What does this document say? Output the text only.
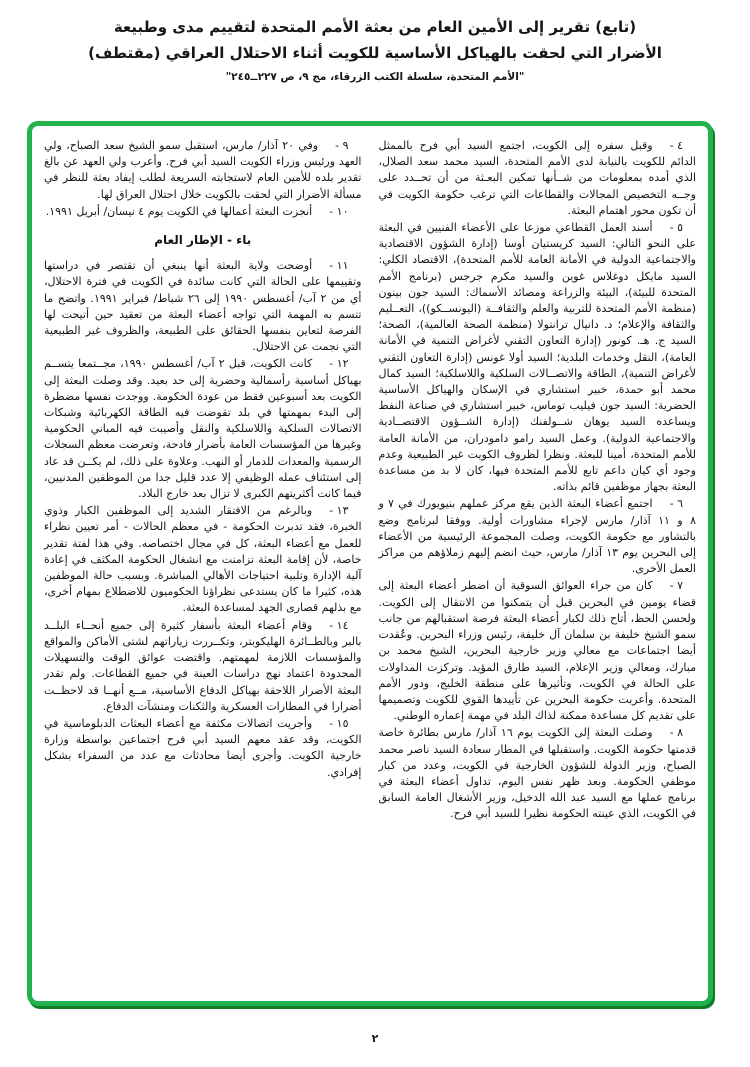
(تابع) تقرير إلى الأمين العام من بعثة الأمم المتحدة لتقييم مدى وطبيعة
الأضرار التي لحقت بالهياكل الأساسية للكويت أثناء الاحتلال العراقي (مقتطف)
"الأمم المتحدة، سلسلة الكتب الزرقاء، مج ٩، ص ٢٢٧ــ٢٤٥"

٤ -وقبل سفره إلى الكويت، اجتمع السيد أبي فرح بالممثل الدائم للكويت بالنيابة لدى الأمم المتحدة، السيد محمد سعد الصلال، الذي أمده بمعلومات من شــأنها تمكين البعـثة من أن تحــدد على وجــه التخصيص المجالات والقطاعات التي ترغب حكومة الكويت في أن تكون محور اهتمام البعثة.

٥ -أسند العمل القطاعي موزعا على الأعضاء الفنيين في البعثة على النحو التالي: السيد كريستيان أوسا (إدارة الشؤون الاقتصادية والاجتماعية الدولية في الأمانة العامة للأمم المتحدة)، الاقتصاد الكلي: السيد مايكل دوغلاس غوين والسيد مكرم جرجس (برنامج الأمم المتحدة للبيئة)، البيئة والزراعة ومصائد الأسماك: السيد جون بينون (منظمة الأمم المتحدة للتربية والعلم والثقافــة (اليونســكو))، التعــليم والثقافة والإعلام؛ د. دانيال ترانتولا (منظمة الصحة العالمية)، الصحة؛ السيد ج. هـ. كونور (إدارة التعاون التقني لأغراض التنمية في الأمانة العامة)، النقل وخدمات البلدية؛ السيد أولا غونس (إدارة التعاون التقني لأغراض التنمية)، الطاقة والاتصــالات السلكية واللاسلكية؛ السيد كمال محمد أبو حمدة، خبير استشاري في الإسكان والهياكل الأساسية الحضرية: السيد جون فيليب توماس، خبير استشاري في صناعة النفط ويساعده السيد يوهان شــولفنك (إدارة الشــؤون الاقتصــادية والاجتماعية الدولية). وعمل السيد رامو دامودران، من الأمانة العامة للأمم المتحدة، أمينا للبعثة. ونظرا لظروف الكويت غير الطبيعية وعدم وجود أي كيان داعم تابع للأمم المتحدة فيها، كان لا بد من مساعدة البعثة بجهاز موظفين قائم بذاته.

٦ -اجتمع أعضاء البعثة الذين يقع مركز عملهم بنيويورك في ٧ و ٨ و ١١ آذار/ مارس لإجراء مشاورات أولية. ووفقا لبرنامج وضع بالتشاور مع حكومة الكويت، وصلت المجموعة الرئيسية من الأعضاء إلى البحرين يوم ١٣ آذار/ مارس، حيث انضم إليهم زملاؤهم من مراكز العمل الأخرى.

٧ -كان من جراء العوائق السوقية أن اضطر أعضاء البعثة إلى قضاء يومين في البحرين قبل أن يتمكنوا من الانتقال إلى الكويت. ولحسن الحظ، أتاح ذلك لكبار أعضاء البعثة فرصة استقبالهم من جانب سمو الشيخ خليفة بن سلمان آل خليفة، رئيس وزراء البحرين. وعُقدت أيضا اجتماعات مع معالي وزير خارجية البحرين، الشيخ محمد بن مبارك، ومعالي وزير الإعلام، السيد طارق المؤيد. وتركزت المداولات على الحالة في الكويت، وتأثيرها على منطقة الخليج، ودور الأمم المتحدة. وأعربت حكومة البحرين عن تأييدها القوي للكويت وتصميمها على تقديم كل مساعدة ممكنة لذاك البلد في مهمة إعماره الوطني.

٨ -وصلت البعثة إلى الكويت يوم ١٦ آذار/ مارس بطائرة خاصة قدمتها حكومة الكويت. واستقبلها في المطار سعادة السيد ناصر محمد الصباح، وزير الدولة للشؤون الخارجية في الكويت، وعدد من كبار موظفي الحكومة. وبعد ظهر نفس اليوم، تداول أعضاء البعثة في برنامج عملها مع السيد عبد الله الدخيل، وزير الأشغال العامة السابق في الكويت، الذي عينته الحكومة نظيرا للسيد أبي فرح.

٩ -وفي ٢٠ آذار/ مارس، استقبل سمو الشيخ سعد الصباح، ولي العهد ورئيس وزراء الكويت السيد أبي فرح. وأعرب ولي العهد عن بالغ تقدير بلده للأمين العام لاستجابته السريعة لطلب إيفاد بعثة للنظر في مسألة الأضرار التي لحقت بالكويت خلال احتلال العراق لها.

١٠ -أنجزت البعثة أعمالها في الكويت يوم ٤ نيسان/ أبريل ١٩٩١.

باء - الإطار العام

١١ -أوضحت ولاية البعثة أنها ينبغي أن تقتصر في دراستها وتقييمها على الحالة التي كانت سائدة في الكويت في فترة الاحتلال، أي من ٢ آب/ أغسطس ١٩٩٠ إلى ٢٦ شباط/ فبراير ١٩٩١. واتضح ما تتسم به المهمة التي تواجه أعضاء البعثة من تعقيد حين أتيحت لها الفرصة لتعاين بنفسها الحقائق على الطبيعة، والظروف غير الطبيعية التي نجمت عن الاحتلال.

١٢ -كانت الكويت، قبل ٢ آب/ أغسطس ١٩٩٠، مجــتمعا يتســم بهياكل أساسية رأسمالية وحضرية إلى حد بعيد. وقد وصلت البعثة إلى الكويت بعد أسبوعين فقط من عودة الحكومة. ووجدت نفسها مضطرة إلى البدء بمهمتها في بلد تقوضت فيه الطاقة الكهربائية وشبكات الاتصالات السلكية واللاسلكية والنقل وأصيبت فيه المباني الحكومية وغيرها من المؤسسات العامة بأضرار فادحة، وتعرضت معظم السجلات الرسمية والمعدات للدمار أو النهب. وعلاوة على ذلك، لم يكــن قد عاد إلى استئناف عمله الوظيفي إلا عدد قليل جدا من الموظفين المدنيين، فيما كانت أكثريتهم الكبرى لا تزال بعد خارج البلاد.

١٣ -وبالرغم من الافتقار الشديد إلى الموظفين الكبار وذوي الخبرة، فقد تدبرت الحكومة - في معظم الحالات - أمر تعيين نظراء للعمل مع أعضاء البعثة، كل في مجال اختصاصه. وفي هذا لفتة تقدير خاصة، لأن إقامة البعثة تزامنت مع انشغال الحكومة المكثف في إعادة آلية الإدارة وتلبية احتياجات الأهالي المباشرة. وبسبب حالة الموظفين هذه، كثيرا ما كان يستدعى نظراؤنا الحكوميون للاضطلاع بمهام أخرى، مع بذلهم قصارى الجهد لمساعدة البعثة.

١٤ -وقام أعضاء البعثة بأسفار كثيرة إلى جميع أنحــاء البلــد بالبر وبالطــائرة الهليكوبتر، وتكــررت زياراتهم لشتى الأماكن والمواقع والمؤسسات اللازمة لمهمتهم. واقتضت عوائق الوقت والتسهيلات المحدودة اعتماد نهج دراسات العينة في جميع القطاعات. ولم تقدر البعثة الأضرار اللاحقة بهياكل الدفاع الأساسية، مــع أنهــا قد لاحظــت أضرارا في المطارات العسكرية والثكنات ومنشآت الدفاع.

١٥ -وأجريت اتصالات مكثفة مع أعضاء البعثات الدبلوماسية في الكويت، وقد عقد معهم السيد أبي فرح اجتماعين بواسطة وزارة خارجية الكويت. وأجرى أيضا محادثات مع عدد من السفراء بشكل إفرادي.

٢
